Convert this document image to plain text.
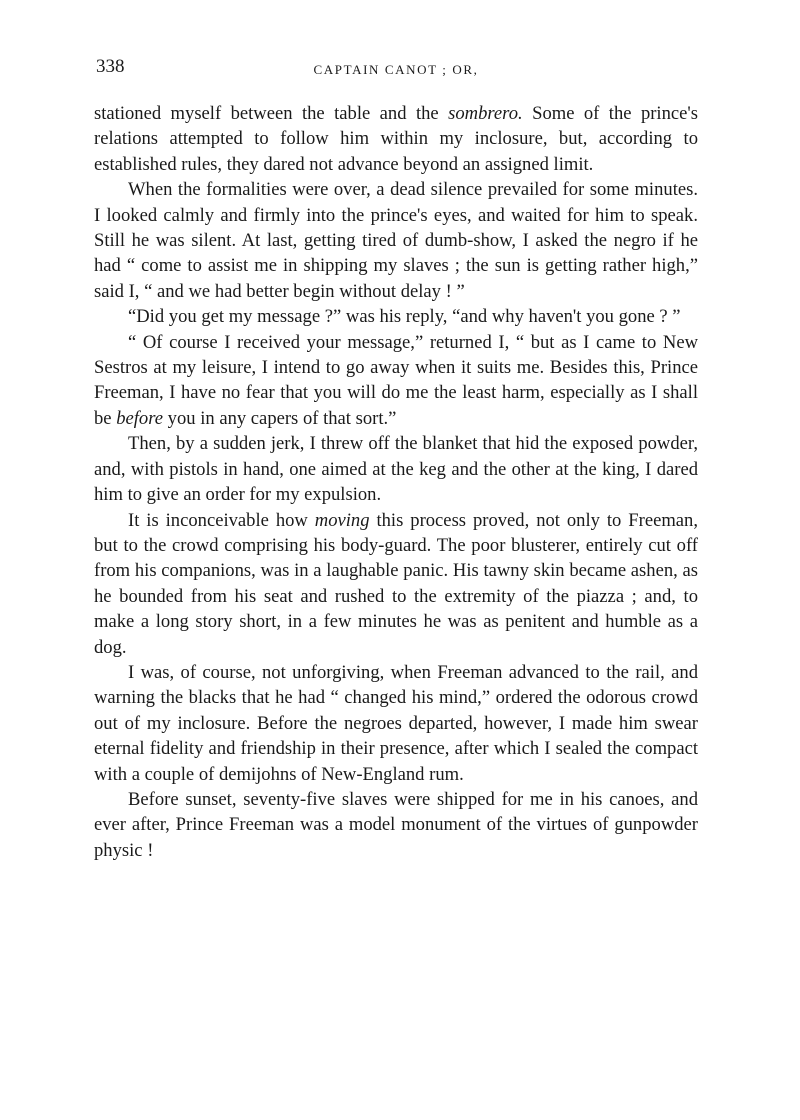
338	CAPTAIN CANOT ; OR,

stationed myself between the table and the sombrero. Some of the prince's relations attempted to follow him within my inclosure, but, according to established rules, they dared not advance beyond an assigned limit.

When the formalities were over, a dead silence prevailed for some minutes. I looked calmly and firmly into the prince's eyes, and waited for him to speak. Still he was silent. At last, getting tired of dumb-show, I asked the negro if he had “ come to assist me in shipping my slaves ; the sun is getting rather high,” said I, “ and we had better begin without delay ! ”

“Did you get my message ?” was his reply, “and why haven't you gone ? ”

“ Of course I received your message,” returned I, “ but as I came to New Sestros at my leisure, I intend to go away when it suits me. Besides this, Prince Freeman, I have no fear that you will do me the least harm, especially as I shall be before you in any capers of that sort.”

Then, by a sudden jerk, I threw off the blanket that hid the exposed powder, and, with pistols in hand, one aimed at the keg and the other at the king, I dared him to give an order for my expulsion.

It is inconceivable how moving this process proved, not only to Freeman, but to the crowd comprising his body-guard. The poor blusterer, entirely cut off from his companions, was in a laughable panic. His tawny skin became ashen, as he bounded from his seat and rushed to the extremity of the piazza ; and, to make a long story short, in a few minutes he was as penitent and humble as a dog.

I was, of course, not unforgiving, when Freeman advanced to the rail, and warning the blacks that he had “ changed his mind,” ordered the odorous crowd out of my inclosure. Before the negroes departed, however, I made him swear eternal fidelity and friendship in their presence, after which I sealed the compact with a couple of demijohns of New-England rum.

Before sunset, seventy-five slaves were shipped for me in his canoes, and ever after, Prince Freeman was a model monument of the virtues of gunpowder physic !
